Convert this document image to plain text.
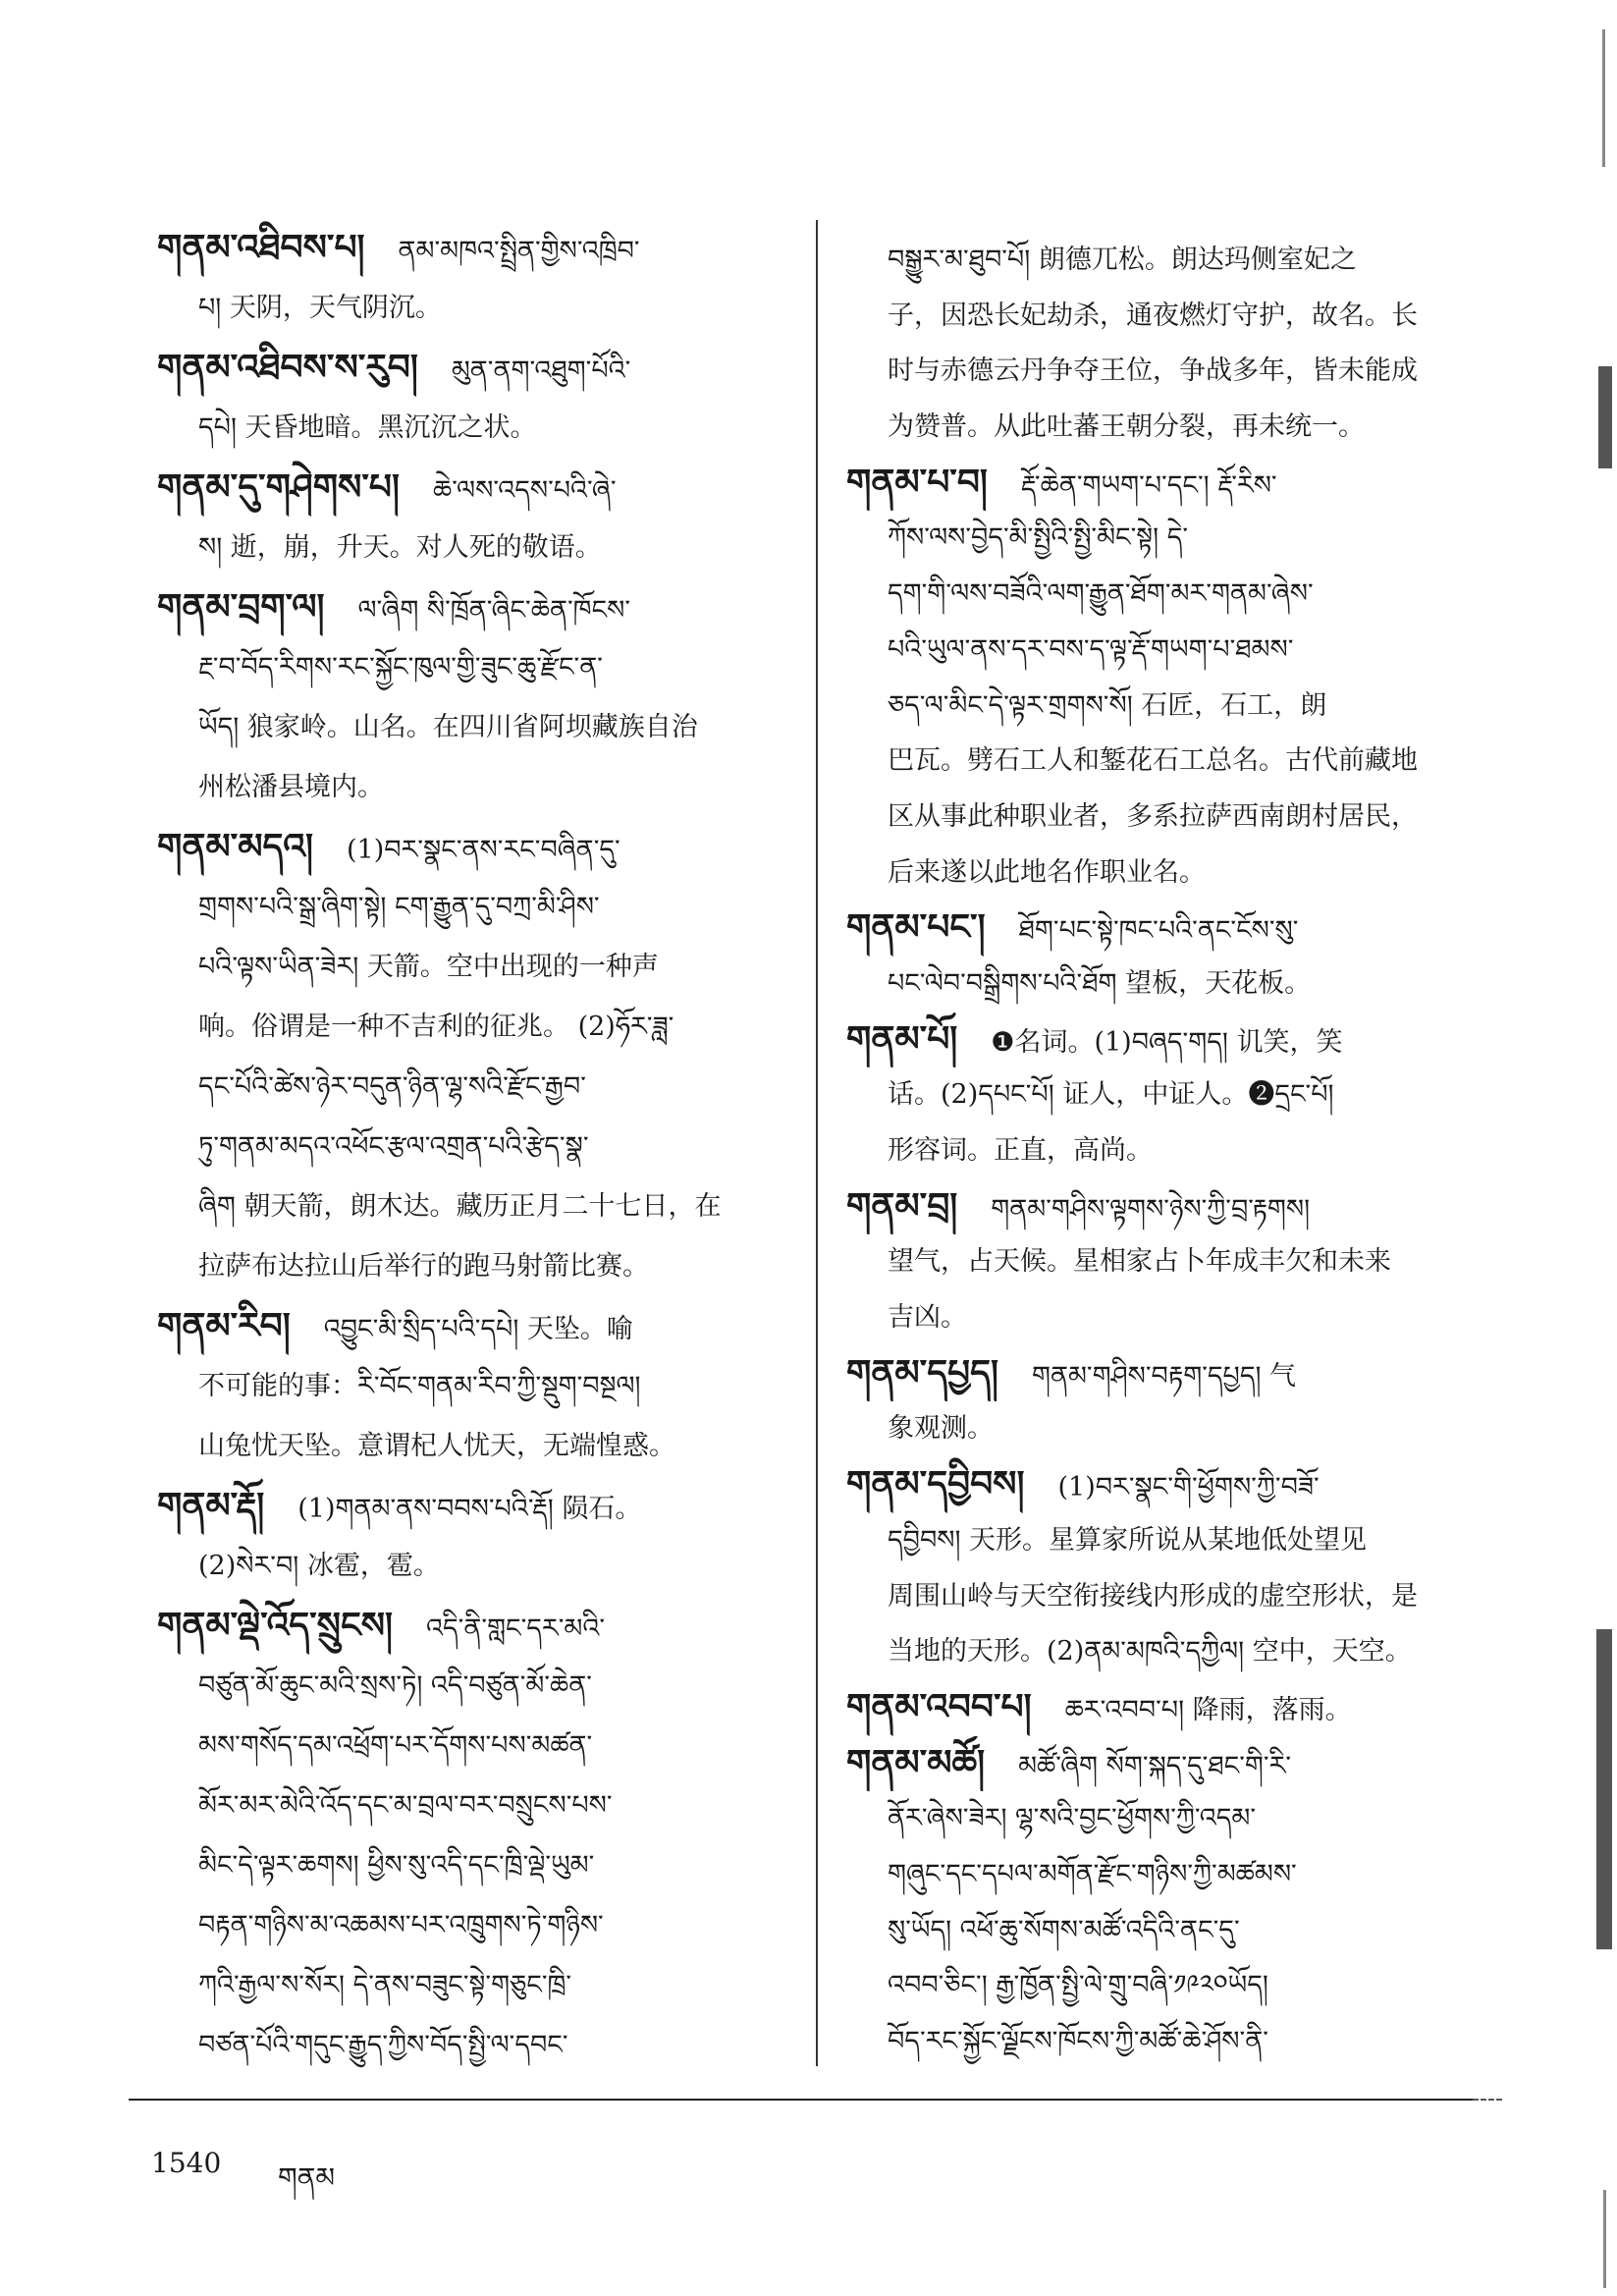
གནམ་འཐིབས་པ། ནམ་མཁའ་སྤྲིན་གྱིས་འཁྲིབ་
པ། 天阴，天气阴沉。
གནམ་འཐིབས་ས་རུབ། མུན་ནག་འཐུག་པོའི་
དཔེ། 天昏地暗。黑沉沉之状。
གནམ་དུ་གཤེགས་པ། ཆེ་ལས་འདས་པའི་ཞེ་
ས། 逝，崩，升天。对人死的敬语。
གནམ་བྲག་ལ། ལ་ཞིག སི་ཁྲོན་ཞིང་ཆེན་ཁོངས་
རྔ་བ་བོད་རིགས་རང་སྐྱོང་ཁུལ་གྱི་ཟུང་ཆུ་རྫོང་ན་
ཡོད། 狼家岭。山名。在四川省阿坝藏族自治
州松潘县境内。
གནམ་མདའ། (1)བར་སྣང་ནས་རང་བཞིན་དུ་
གྲགས་པའི་སྒྲ་ཞིག་སྟེ། ངག་རྒྱུན་དུ་བཀྲ་མི་ཤིས་
པའི་ལྟས་ཡིན་ཟེར། 天箭。空中出现的一种声
响。俗谓是一种不吉利的征兆。 (2)ཧོར་ཟླ་
དང་པོའི་ཚེས་ཉེར་བདུན་ཉིན་ལྷ་སའི་རྫོང་རྒྱབ་
ཏུ་གནམ་མདའ་འཕོང་རྩལ་འགྲན་པའི་རྩེད་སྣ་
ཞིག 朝天箭，朗木达。藏历正月二十七日，在
拉萨布达拉山后举行的跑马射箭比赛。
གནམ་རིབ། འབྱུང་མི་སྲིད་པའི་དཔེ། 天坠。喻
不可能的事：རི་བོང་གནམ་རིབ་ཀྱི་སྡུག་བསྔལ།
山兔忧天坠。意谓杞人忧天，无端惶惑。
གནམ་རྡོ། (1)གནམ་ནས་བབས་པའི་རྡོ། 陨石。
(2)སེར་བ། 冰雹，雹。
གནམ་ལྡེ་འོད་སྲུངས། འདི་ནི་གླང་དར་མའི་
བཙུན་མོ་ཆུང་མའི་སྲས་ཏེ། འདི་བཙུན་མོ་ཆེན་
མས་གསོད་དམ་འཕྲོག་པར་དོགས་པས་མཚན་
མོར་མར་མེའི་འོད་དང་མ་བྲལ་བར་བསྲུངས་པས་
མིང་དེ་ལྟར་ཆགས། ཕྱིས་སུ་འདི་དང་ཁྲི་ལྡེ་ཡུམ་
བརྟན་གཉིས་མ་འཆམས་པར་འཁྲུགས་ཏེ་གཉིས་
ཀའི་རྒྱལ་ས་སོར། དེ་ནས་བཟུང་སྟེ་གཅུང་ཁྲི་
བཙན་པོའི་གདུང་རྒྱུད་ཀྱིས་བོད་སྤྱི་ལ་དབང་
བསྒྱུར་མ་ཐུབ་པོ། 朗德兀松。朗达玛侧室妃之
子，因恐长妃劫杀，通夜燃灯守护，故名。长
时与赤德云丹争夺王位，争战多年，皆未能成
为赞普。从此吐蕃王朝分裂，再未统一。
གནམ་པ་བ། རྡོ་ཆེན་གཡག་པ་དང་། རྡོ་རིས་
ཀོས་ལས་བྱེད་མི་སྤྱིའི་སྤྱི་མིང་སྟེ། དེ་
དག་གི་ལས་བཟོའི་ལག་རྒྱུན་ཐོག་མར་གནམ་ཞེས་
པའི་ཡུལ་ནས་དར་བས་ད་ལྟ་རྡོ་གཡག་པ་ཐམས་
ཅད་ལ་མིང་དེ་ལྟར་གྲགས་སོ། 石匠，石工，朗
巴瓦。劈石工人和錾花石工总名。古代前藏地
区从事此种职业者，多系拉萨西南朗村居民，
后来遂以此地名作职业名。
གནམ་པང་། ཐོག་པང་སྟེ་ཁང་པའི་ནང་ངོས་སུ་
པང་ལེབ་བསྒྲིགས་པའི་ཐོག 望板，天花板。
གནམ་པོ། ❶名词。(1)བཞད་གད། 讥笑，笑
话。(2)དཔང་པོ། 证人，中证人。❷དྲང་པོ།
形容词。正直，高尚。
གནམ་བྲ། གནམ་གཤིས་ལྟགས་ཉེས་ཀྱི་བྲ་རྟགས།
望气，占天候。星相家占卜年成丰欠和未来
吉凶。
གནམ་དཔྱད། གནམ་གཤིས་བརྟག་དཔྱད། 气
象观测。
གནམ་དབྱིབས། (1)བར་སྣང་གི་ཕྱོགས་ཀྱི་བཟོ་
དབྱིབས། 天形。星算家所说从某地低处望见
周围山岭与天空衔接线内形成的虚空形状，是
当地的天形。(2)ནམ་མཁའི་དཀྱིལ། 空中，天空。
གནམ་འབབ་པ། ཆར་འབབ་པ། 降雨，落雨。
གནམ་མཚོ། མཚོ་ཞིག སོག་སྐད་དུ་ཐང་གི་རི་
ནོར་ཞེས་ཟེར། ལྷ་སའི་བྱང་ཕྱོགས་ཀྱི་འདམ་
གཞུང་དང་དཔལ་མགོན་རྫོང་གཉིས་ཀྱི་མཚམས་
སུ་ཡོད། འཕོ་ཆུ་སོགས་མཚོ་འདིའི་ནང་དུ་
འབབ་ཅིང་། རྒྱ་ཁྱོན་སྤྱི་ལེ་གྲུ་བཞི་༡༩༢༠ཡོད།
བོད་རང་སྐྱོང་ལྗོངས་ཁོངས་ཀྱི་མཚོ་ཆེ་ཤོས་ནི་
1540 གནམ
